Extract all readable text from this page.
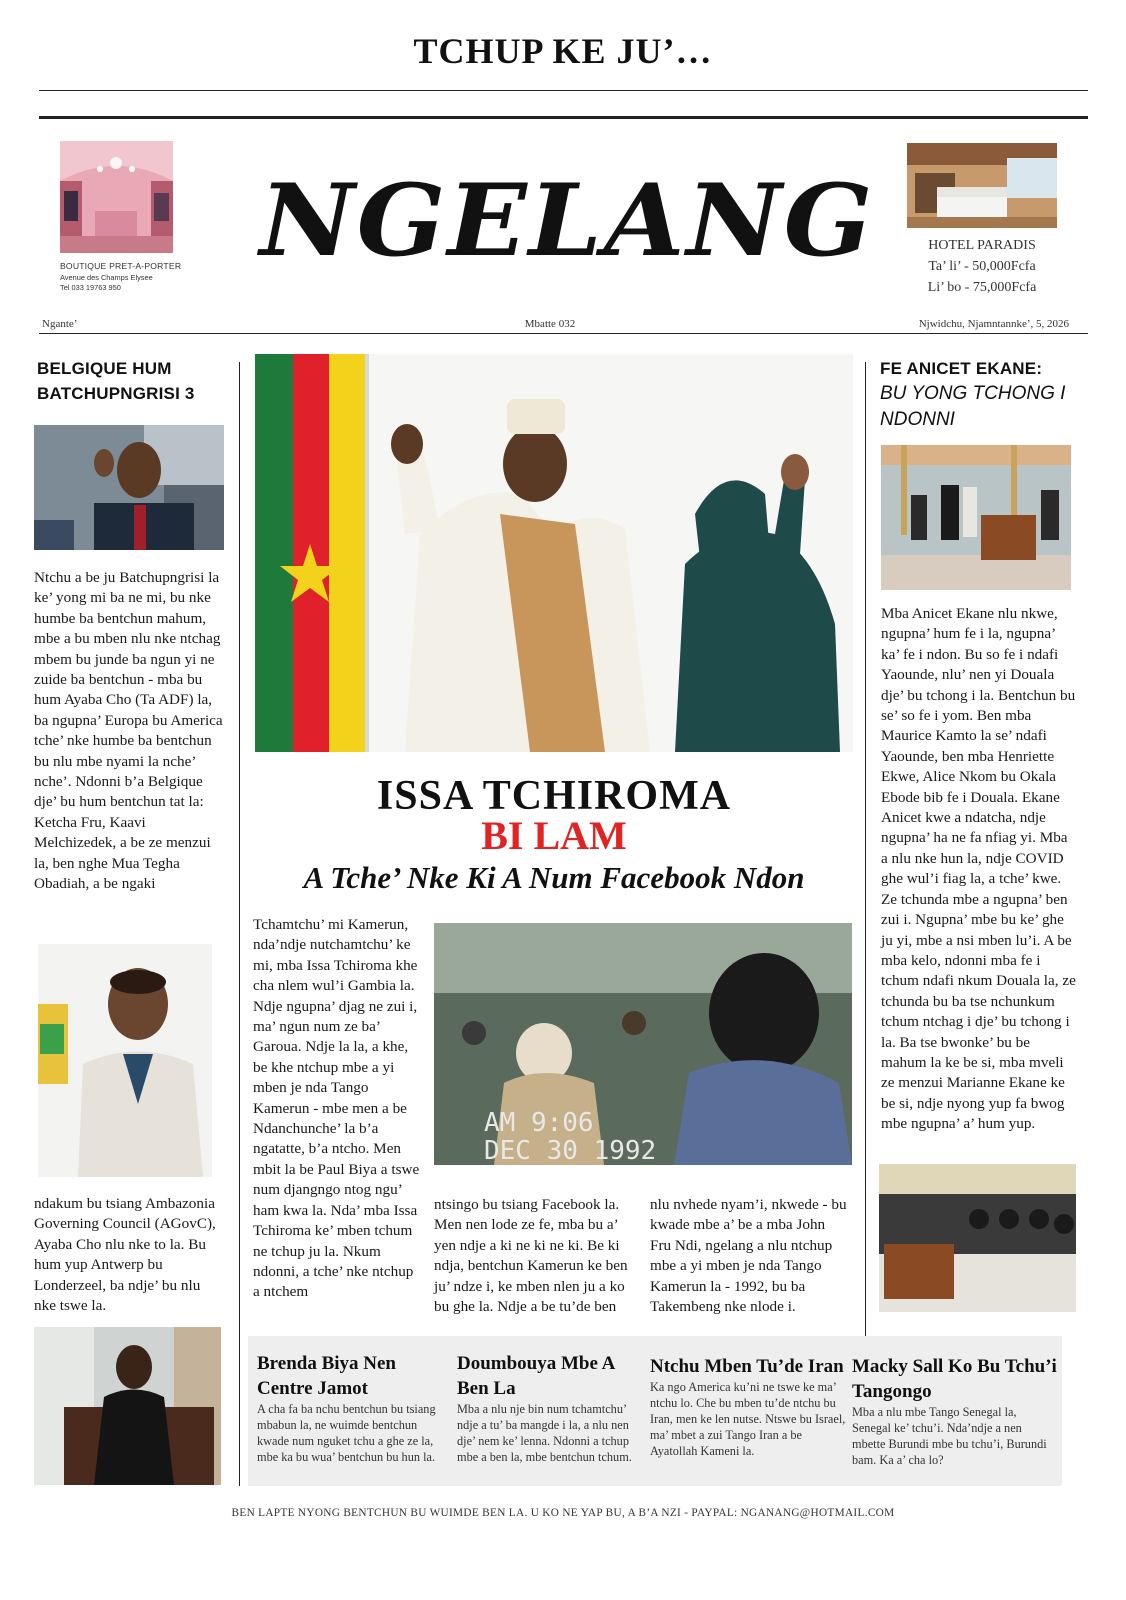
TCHUP KE JU’…
BOUTIQUE PRET-A-PORTER
Avenue des Champs Elysee
Tel 033 19763 950
NGELANG	HOTEL PARADIS
Ta’ li’ - 50,000Fcfa
Li’ bo - 75,000Fcfa
Ngante’	Mbatte 032	Njwidchu, Njamntannke’, 5, 2026
BELGIQUE HUM BATCHUPNGRISI 3
Ntchu a be ju Batchupngrisi la ke’ yong mi ba ne mi, bu nke humbe ba bentchun mahum, mbe a bu mben nlu nke ntchag mbem bu junde ba ngun yi ne zuide ba bentchun - mba bu hum Ayaba Cho (Ta ADF) la, ba ngupna’ Europa bu America tche’ nke humbe ba bentchun bu nlu mbe nyami la nche’ nche’. Ndonni b’a Belgique dje’ bu hum bentchun tat la: Ketcha Fru, Kaavi Melchizedek, a be ze menzui la, ben nghe Mua Tegha Obadiah, a be ngaki
ndakum bu tsiang Ambazonia Governing Council (AGovC), Ayaba Cho nlu nke to la. Bu hum yup Antwerp bu Londerzeel, ba ndje’ bu nlu nke tswe la.
ISSA TCHIROMA
BI LAM
A Tche’ Nke Ki A Num Facebook Ndon
Tchamtchu’ mi Kamerun, nda’ndje nutchamtchu’ ke mi, mba Issa Tchiroma khe cha nlem wul’i Gambia la. Ndje ngupna’ djag ne zui i, ma’ ngun num ze ba’ Garoua. Ndje la la, a khe, be khe ntchup mbe a yi mben je nda Tango Kamerun - mbe men a be Ndanchunche’ la b’a ngatatte, b’a ntcho. Men mbit la be Paul Biya a tswe num djangngo ntog ngu’ ham kwa la. Nda’ mba Issa Tchiroma ke’ mben tchum ne tchup ju la. Nkum ndonni, a tche’ nke ntchup a ntchem
AM 9:06
DEC 30 1992
ntsingo bu tsiang Facebook la. Men nen lode ze fe, mba bu a’ yen ndje a ki ne ki ne ki. Be ki ndja, bentchun Kamerun ke ben ju’ ndze i, ke mben nlen ju a ko bu ghe la. Ndje a be tu’de ben
nlu nvhede nyam’i, nkwede - bu kwade mbe a’ be a mba John Fru Ndi, ngelang a nlu ntchup mbe a yi mben je nda Tango Kamerun la - 1992, bu ba Takembeng nke nlode i.
FE ANICET EKANE:
BU YONG TCHONG I NDONNI
Mba Anicet Ekane nlu nkwe, ngupna’ hum fe i la, ngupna’ ka’ fe i ndon. Bu so fe i ndafi Yaounde, nlu’ nen yi Douala dje’ bu tchong i la. Bentchun bu se’ so fe i yom. Ben mba Maurice Kamto la se’ ndafi Yaounde, ben mba Henriette Ekwe, Alice Nkom bu Okala Ebode bib fe i Douala. Ekane Anicet kwe a ndatcha, ndje ngupna’ ha ne fa nfiag yi. Mba a nlu nke hun la, ndje COVID ghe wul’i fiag la, a tche’ kwe. Ze tchunda mbe a ngupna’ ben zui i. Ngupna’ mbe bu ke’ ghe ju yi, mbe a nsi mben lu’i. A be mba kelo, ndonni mba fe i tchum ndafi nkum Douala la, ze tchunda bu ba tse nchunkum tchum ntchag i dje’ bu tchong i la. Ba tse bwonke’ bu be mahum la ke be si, mba mveli ze menzui Marianne Ekane ke be si, ndje nyong yup fa bwog mbe ngupna’ a’ hum yup.
Brenda Biya Nen Centre Jamot
A cha fa ba nchu bentchun bu tsiang mbabun la, ne wuimde bentchun kwade num nguket tchu a ghe ze la, mbe ka bu wua’ bentchun bu hun la.
Doumbouya Mbe A Ben La
Mba a nlu nje bin num tchamtchu’ ndje a tu’ ba mangde i la, a nlu nen dje’ nem ke’ lenna. Ndonni a tchup mbe a ben la, mbe bentchun tchum.
Ntchu Mben Tu’de Iran
Ka ngo America ku’ni ne tswe ke ma’ ntchu lo. Che bu mben tu’de ntchu bu Iran, men ke len nutse. Ntswe bu Israel, ma’ mbet a zui Tango Iran a be Ayatollah Kameni la.
Macky Sall Ko Bu Tchu’i Tangongo
Mba a nlu mbe Tango Senegal la, Senegal ke’ tchu’i. Nda’ndje a nen mbette Burundi mbe bu tchu’i, Burundi bam. Ka a’ cha lo?
BEN LAPTE NYONG BENTCHUN BU WUIMDE BEN LA. U KO NE YAP BU, A B’A NZI - PAYPAL: NGANANG@HOTMAIL.COM
